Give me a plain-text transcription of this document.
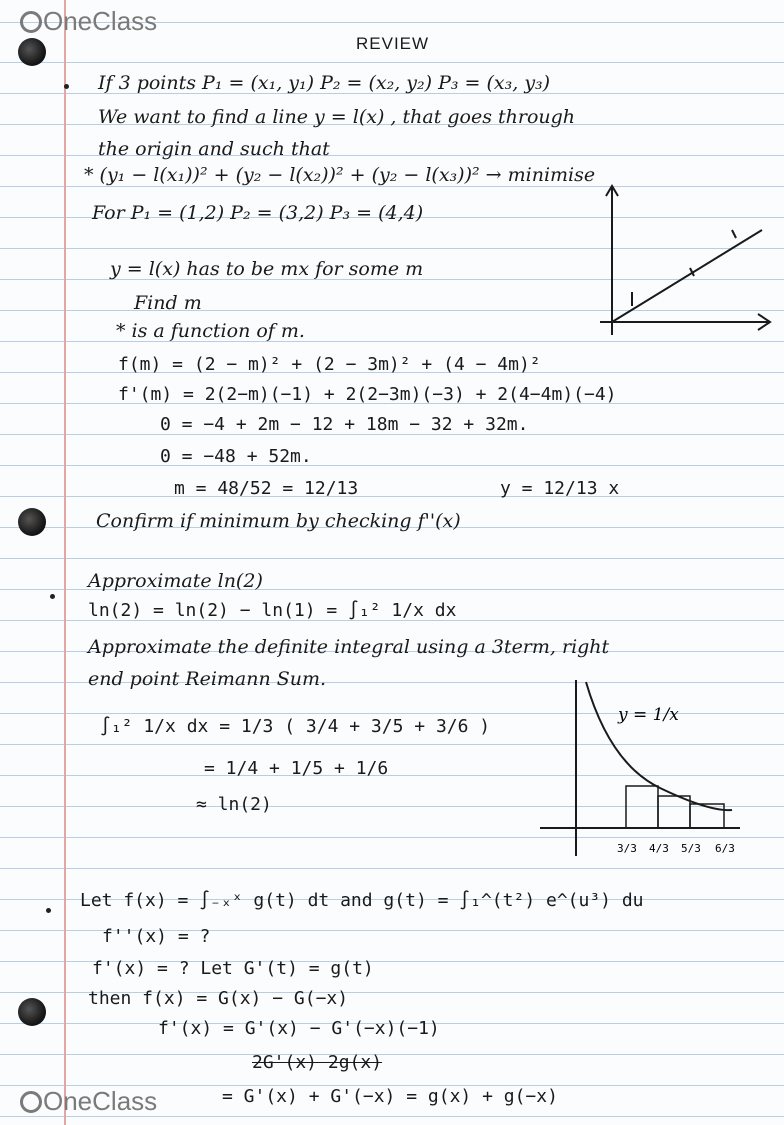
OneClass
OneClass
REVIEW
If 3 points P₁ = (x₁, y₁) P₂ = (x₂, y₂) P₃ = (x₃, y₃)
We want to find a line y = l(x) , that goes through
the origin and such that
* (y₁ − l(x₁))² + (y₂ − l(x₂))² + (y₂ − l(x₃))² → minimise
For P₁ = (1,2) P₂ = (3,2) P₃ = (4,4)
y = l(x) has to be mx for some m
Find m
* is a function of m.
f(m) = (2 − m)² + (2 − 3m)² + (4 − 4m)²
f'(m) = 2(2−m)(−1) + 2(2−3m)(−3) + 2(4−4m)(−4)
0 = −4 + 2m − 12 + 18m − 32 + 32m.
0 = −48 + 52m.
m = 48/52 = 12/13	y = 12/13 x
Confirm if minimum by checking f''(x)
Approximate ln(2)
ln(2) = ln(2) − ln(1) = ∫₁² 1/x dx
Approximate the definite integral using a 3term, right
end point Reimann Sum.
∫₁² 1/x dx = 1/3 ( 3/4 + 3/5 + 3/6 )
= 1/4 + 1/5 + 1/6
≈ ln(2)
y = 1/x
3/3 4/3 5/3 6/3
Let f(x) = ∫₋ₓˣ g(t) dt and g(t) = ∫₁^(t²) e^(u³) du
f''(x) = ?
f'(x) = ? Let G'(t) = g(t)
then f(x) = G(x) − G(−x)
f'(x) = G'(x) − G'(−x)(−1)
2G'(x) 2g(x)
= G'(x) + G'(−x) = g(x) + g(−x)
